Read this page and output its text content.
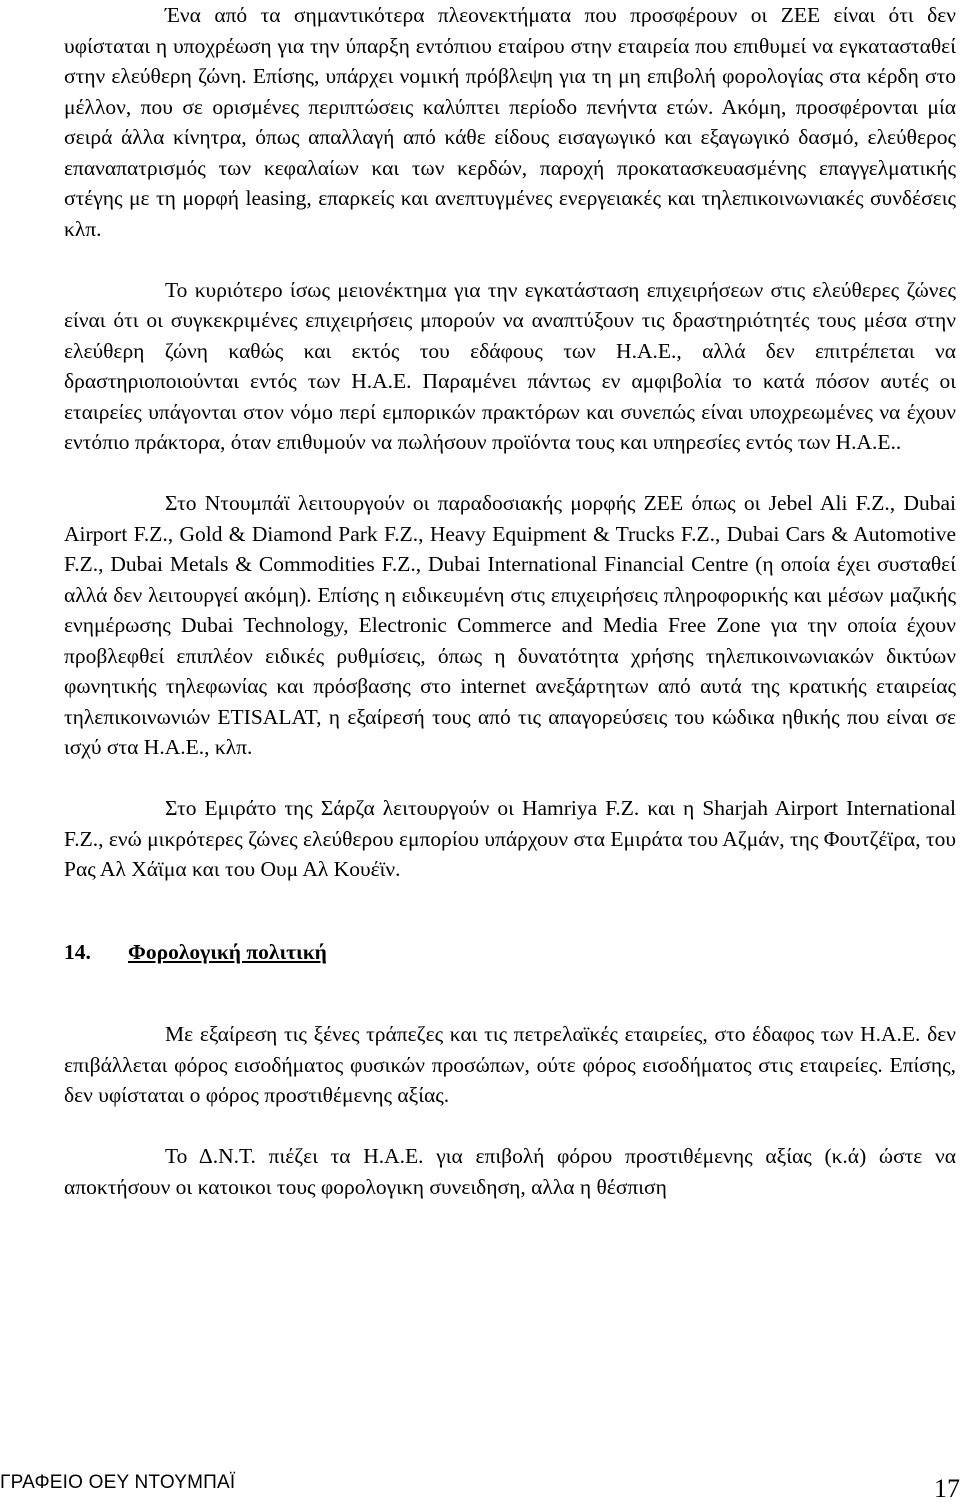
Ένα από τα σημαντικότερα πλεονεκτήματα που προσφέρουν οι ΖΕΕ είναι ότι δεν υφίσταται η υποχρέωση για την ύπαρξη εντόπιου εταίρου στην εταιρεία που επιθυμεί να εγκατασταθεί στην ελεύθερη ζώνη. Επίσης, υπάρχει νομική πρόβλεψη για τη μη επιβολή φορολογίας στα κέρδη στο μέλλον, που σε ορισμένες περιπτώσεις καλύπτει περίοδο πενήντα ετών. Ακόμη, προσφέρονται μία σειρά άλλα κίνητρα, όπως απαλλαγή από κάθε είδους εισαγωγικό και εξαγωγικό δασμό, ελεύθερος επαναπατρισμός των κεφαλαίων και των κερδών, παροχή προκατασκευασμένης επαγγελματικής στέγης με τη μορφή leasing, επαρκείς και ανεπτυγμένες ενεργειακές και τηλεπικοινωνιακές συνδέσεις κλπ.

Το κυριότερο ίσως μειονέκτημα για την εγκατάσταση επιχειρήσεων στις ελεύθερες ζώνες είναι ότι οι συγκεκριμένες επιχειρήσεις μπορούν να αναπτύξουν τις δραστηριότητές τους μέσα στην ελεύθερη ζώνη καθώς και εκτός του εδάφους των Η.Α.Ε., αλλά δεν επιτρέπεται να δραστηριοποιούνται εντός των Η.Α.Ε. Παραμένει πάντως εν αμφιβολία το κατά πόσον αυτές οι εταιρείες υπάγονται στον νόμο περί εμπορικών πρακτόρων και συνεπώς είναι υποχρεωμένες να έχουν εντόπιο πράκτορα, όταν επιθυμούν να πωλήσουν προϊόντα τους και υπηρεσίες εντός των Η.Α.Ε..

Στο Ντουμπάϊ λειτουργούν οι παραδοσιακής μορφής ΖΕΕ όπως οι Jebel Ali F.Z., Dubai Airport F.Z., Gold & Diamond Park F.Z., Heavy Equipment & Trucks F.Z., Dubai Cars & Automotive F.Z., Dubai Metals & Commodities F.Z., Dubai International Financial Centre (η οποία έχει συσταθεί αλλά δεν λειτουργεί ακόμη). Επίσης η ειδικευμένη στις επιχειρήσεις πληροφορικής και μέσων μαζικής ενημέρωσης Dubai Technology, Electronic Commerce and Media Free Zone για την οποία έχουν προβλεφθεί επιπλέον ειδικές ρυθμίσεις, όπως η δυνατότητα χρήσης τηλεπικοινωνιακών δικτύων φωνητικής τηλεφωνίας και πρόσβασης στο internet ανεξάρτητων από αυτά της κρατικής εταιρείας τηλεπικοινωνιών ETISALAT, η εξαίρεσή τους από τις απαγορεύσεις του κώδικα ηθικής που είναι σε ισχύ στα Η.Α.Ε., κλπ.

Στο Εμιράτο της Σάρζα λειτουργούν οι Hamriya F.Z. και η Sharjah Airport International F.Z., ενώ μικρότερες ζώνες ελεύθερου εμπορίου υπάρχουν στα Εμιράτα του Αζμάν, της Φουτζέϊρα, του Ρας Αλ Χάϊμα και του Ουμ Αλ Κουέϊν.

14. Φορολογική πολιτική

Με εξαίρεση τις ξένες τράπεζες και τις πετρελαϊκές εταιρείες, στο έδαφος των Η.Α.Ε. δεν επιβάλλεται φόρος εισοδήματος φυσικών προσώπων, ούτε φόρος εισοδήματος στις εταιρείες. Επίσης, δεν υφίσταται ο φόρος προστιθέμενης αξίας.

Το Δ.Ν.Τ. πιέζει τα Η.Α.Ε. για επιβολή φόρου προστιθέμενης αξίας (κ.ά) ώστε να αποκτήσουν οι κατοικοι τους φορολογικη συνειδηση, αλλα η θέσπιση

ΓΡΑΦΕΙΟ ΟΕΥ ΝΤΟΥΜΠΑΪ	17
